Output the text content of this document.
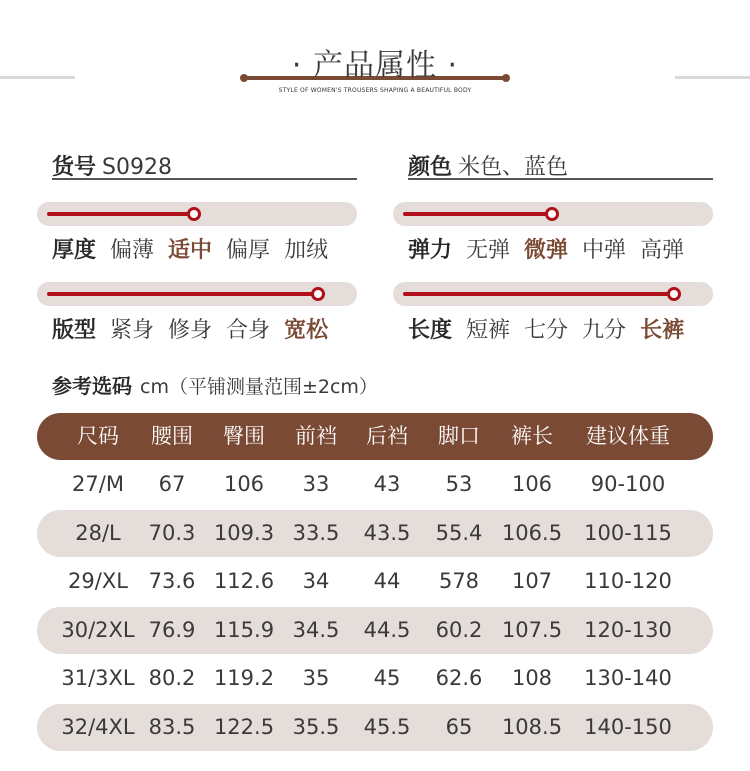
· 产品属性 ·
STYLE OF WOMEN'S TROUSERS SHAPING A BEAUTIFUL BODY
货号 S0928	颜色 米色、蓝色
厚度 偏薄 适中 偏厚 加绒	弹力 无弹 微弹 中弹 高弹
版型 紧身 修身 合身 宽松	长度 短裤 七分 九分 长裤
参考选码 cm（平铺测量范围±2cm）
尺码	腰围	臀围	前裆	后裆	脚口	裤长	建议体重
27/M	67	106	33	43	53	106	90-100
28/L	70.3 109.3 33.5	43.5	55.4 106.5	100-115
29/XL 73.6 112.6	34	44	578	107	110-120
30/2XL 76.9 115.9 34.5	44.5	60.2 107.5	120-130
31/3XL 80.2 119.2	35	45	62.6	108	130-140
32/4XL 83.5 122.5 35.5	45.5	65	108.5	140-150
